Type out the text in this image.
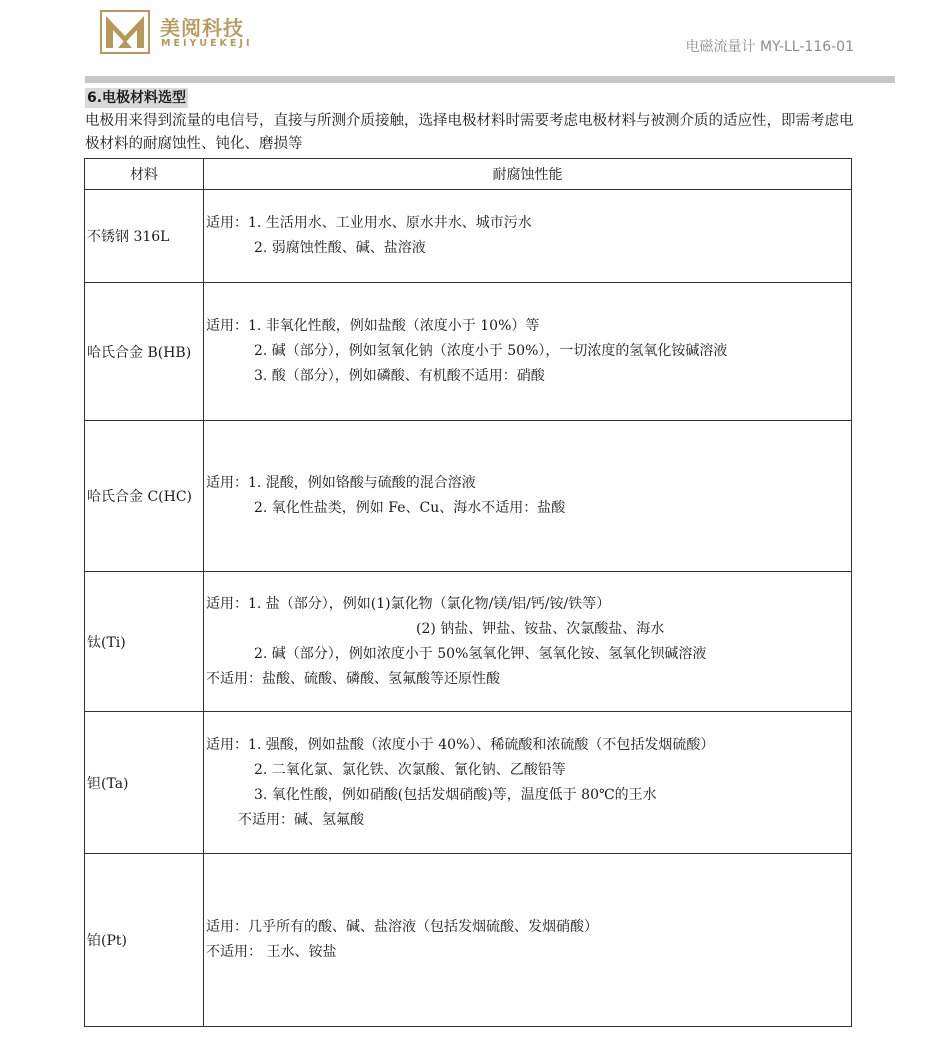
美阅科技
MEIYUEKEJI	电磁流量计 MY-LL-116-01
6.电极材料选型
电极用来得到流量的电信号，直接与所测介质接触，选择电极材料时需要考虑电极材料与被测介质的适应性，即需考虑电极材料的耐腐蚀性、钝化、磨损等
材料	耐腐蚀性能
不锈钢 316L	适用：1. 生活用水、工业用水、原水井水、城市污水
2. 弱腐蚀性酸、碱、盐溶液

哈氏合金 B(HB)	适用：1. 非氧化性酸，例如盐酸（浓度小于 10%）等
2. 碱（部分），例如氢氧化钠（浓度小于 50%），一切浓度的氢氧化铵碱溶液
3. 酸（部分），例如磷酸、有机酸不适用：硝酸

哈氏合金 C(HC)	适用：1. 混酸，例如铬酸与硫酸的混合溶液
2. 氧化性盐类，例如 Fe、Cu、海水不适用：盐酸

钛(Ti)	适用：1. 盐（部分），例如(1)氯化物（氯化物/镁/铝/钙/铵/铁等）
(2) 钠盐、钾盐、铵盐、次氯酸盐、海水
2. 碱（部分），例如浓度小于 50%氢氧化钾、氢氧化铵、氢氧化钡碱溶液
不适用：盐酸、硫酸、磷酸、氢氟酸等还原性酸

钽(Ta)	适用：1. 强酸，例如盐酸（浓度小于 40%）、稀硫酸和浓硫酸（不包括发烟硫酸）
2. 二氧化氯、氯化铁、次氯酸、氰化钠、乙酸铅等
3. 氧化性酸，例如硝酸(包括发烟硝酸)等，温度低于 80℃的王水
不适用：碱、氢氟酸

铂(Pt)	适用：几乎所有的酸、碱、盐溶液（包括发烟硫酸、发烟硝酸）
不适用： 王水、铵盐
